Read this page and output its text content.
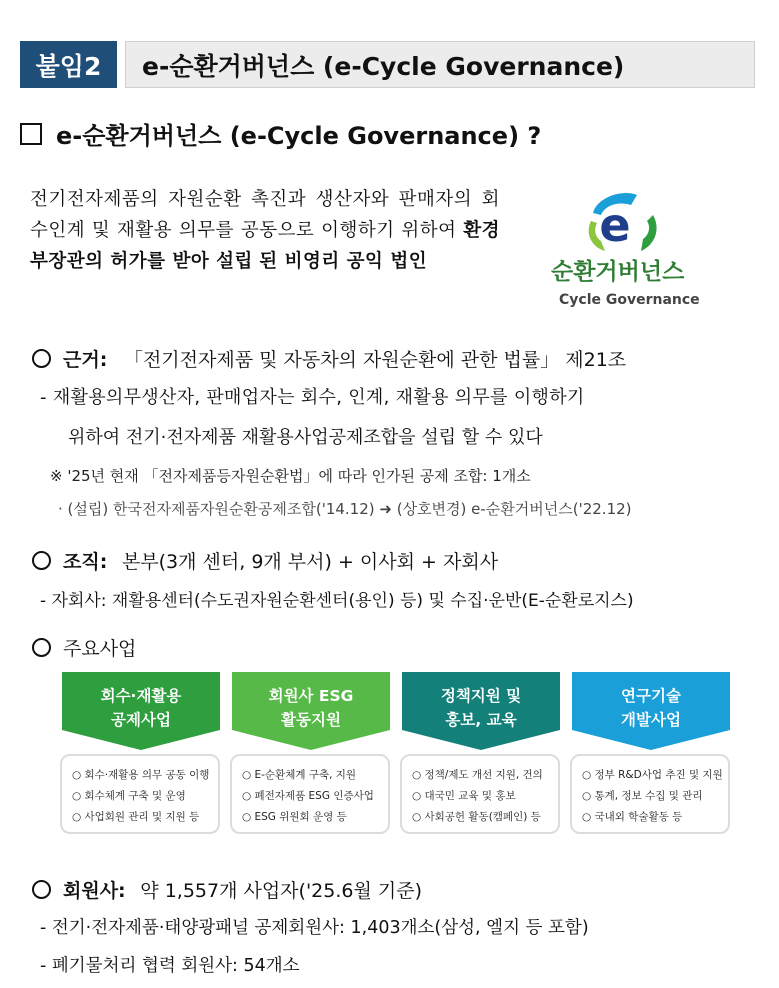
붙임2	e-순환거버넌스 (e-Cycle Governance)
e-순환거버넌스 (e-Cycle Governance) ?
전기전자제품의 자원순환 촉진과 생산자와 판매자의 회수인계 및 재활용 의무를 공동으로 이행하기 위하여 환경부장관의 허가를 받아 설립 된 비영리 공익 법인
e
순환거버넌스
Cycle Governance
근거: 「전기전자제품 및 자동차의 자원순환에 관한 법률」 제21조
- 재활용의무생산자, 판매업자는 회수, 인계, 재활용 의무를 이행하기
위하여 전기·전자제품 재활용사업공제조합을 설립 할 수 있다
※ '25년 현재 「전자제품등자원순환법」에 따라 인가된 공제 조합: 1개소
· (설립) 한국전자제품자원순환공제조합('14.12) ➜ (상호변경) e-순환거버넌스('22.12)
조직: 본부(3개 센터, 9개 부서) + 이사회 + 자회사
- 자회사: 재활용센터(수도권자원순환센터(용인) 등) 및 수집·운반(E-순환로지스)
주요사업
회수·재활용
공제사업
○ 회수·재활용 의무 공동 이행
○ 회수체계 구축 및 운영
○ 사업회원 관리 및 지원 등
회원사 ESG
활동지원
○ E-순환체계 구축, 지원
○ 폐전자제품 ESG 인증사업
○ ESG 위원회 운영 등
정책지원 및
홍보, 교육
○ 정책/제도 개선 지원, 건의
○ 대국민 교육 및 홍보
○ 사회공헌 활동(캠페인) 등
연구기술
개발사업
○ 정부 R&D사업 추진 및 지원
○ 통계, 정보 수집 및 관리
○ 국내외 학술활동 등
회원사: 약 1,557개 사업자('25.6월 기준)
- 전기·전자제품·태양광패널 공제회원사: 1,403개소(삼성, 엘지 등 포함)
- 폐기물처리 협력 회원사: 54개소
